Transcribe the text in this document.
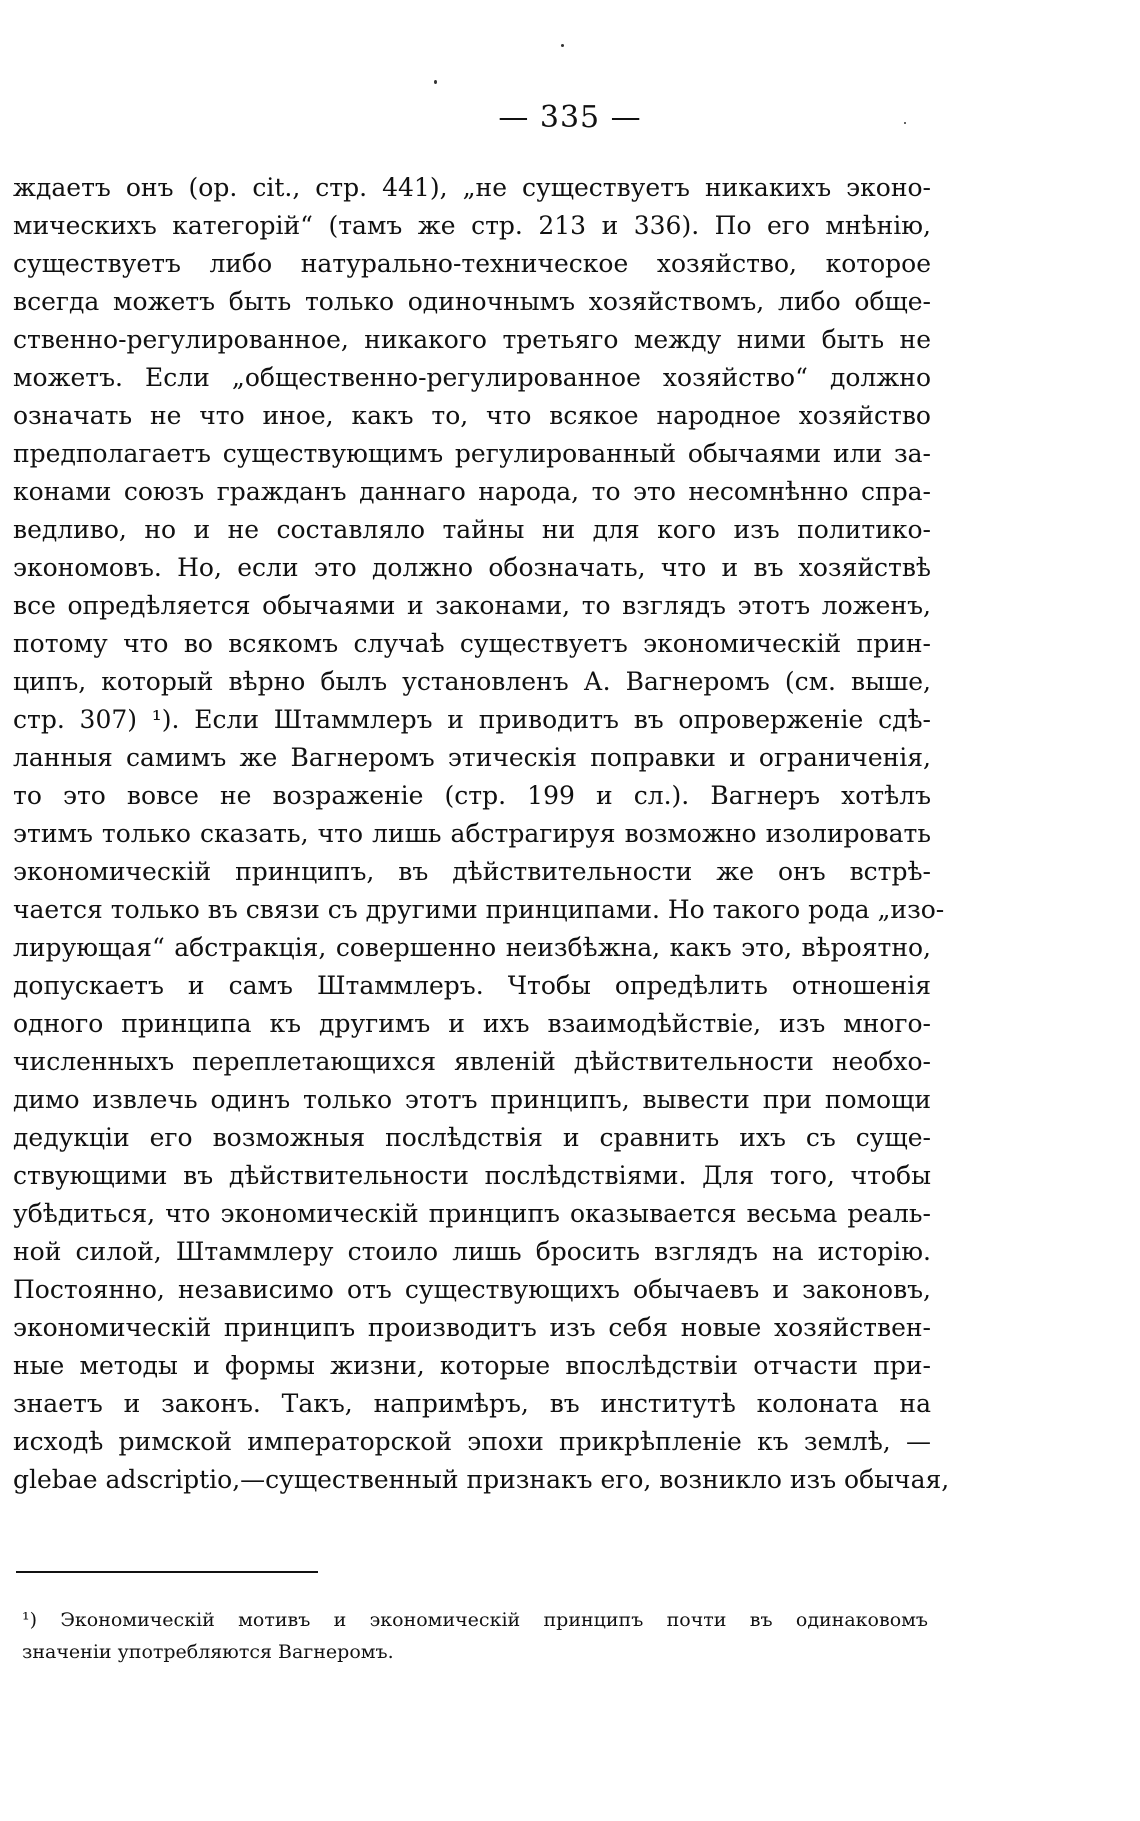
— 335 —
ждаетъ онъ (ор. cit., стр. 441), „не существуетъ никакихъ эконо-
мическихъ категорій“ (тамъ же стр. 213 и 336). По его мнѣнію,
существуетъ либо натурально-техническое хозяйство, которое
всегда можетъ быть только одиночнымъ хозяйствомъ, либо обще-
ственно-регулированное, никакого третьяго между ними быть не
можетъ. Если „общественно-регулированное хозяйство“ должно
означать не что иное, какъ то, что всякое народное хозяйство
предполагаетъ существующимъ регулированный обычаями или за-
конами союзъ гражданъ даннаго народа, то это несомнѣнно спра-
ведливо, но и не составляло тайны ни для кого изъ политико-
экономовъ. Но, если это должно обозначать, что и въ хозяйствѣ
все опредѣляется обычаями и законами, то взглядъ этотъ ложенъ,
потому что во всякомъ случаѣ существуетъ экономическій прин-
ципъ, который вѣрно былъ установленъ А. Вагнеромъ (см. выше,
стр. 307) ¹). Если Штаммлеръ и приводитъ въ опроверженіе сдѣ-
ланныя самимъ же Вагнеромъ этическія поправки и ограниченія,
то это вовсе не возраженіе (стр. 199 и сл.). Вагнеръ хотѣлъ
этимъ только сказать, что лишь абстрагируя возможно изолировать
экономическій принципъ, въ дѣйствительности же онъ встрѣ-
чается только въ связи съ другими принципами. Но такого рода „изо-
лирующая“ абстракція, совершенно неизбѣжна, какъ это, вѣроятно,
допускаетъ и самъ Штаммлеръ. Чтобы опредѣлить отношенія
одного принципа къ другимъ и ихъ взаимодѣйствіе, изъ много-
численныхъ переплетающихся явленій дѣйствительности необхо-
димо извлечь одинъ только этотъ принципъ, вывести при помощи
дедукціи его возможныя послѣдствія и сравнить ихъ съ суще-
ствующими въ дѣйствительности послѣдствіями. Для того, чтобы
убѣдиться, что экономическій принципъ оказывается весьма реаль-
ной силой, Штаммлеру стоило лишь бросить взглядъ на исторію.
Постоянно, независимо отъ существующихъ обычаевъ и законовъ,
экономическій принципъ производитъ изъ себя новые хозяйствен-
ные методы и формы жизни, которые впослѣдствіи отчасти при-
знаетъ и законъ. Такъ, напримѣръ, въ институтѣ колоната на
исходѣ римской императорской эпохи прикрѣпленіе къ землѣ, —
glebae adscriptio,—существенный признакъ его, возникло изъ обычая,
¹) Экономическій мотивъ и экономическій принципъ почти въ одинаковомъ
значеніи употребляются Вагнеромъ.
